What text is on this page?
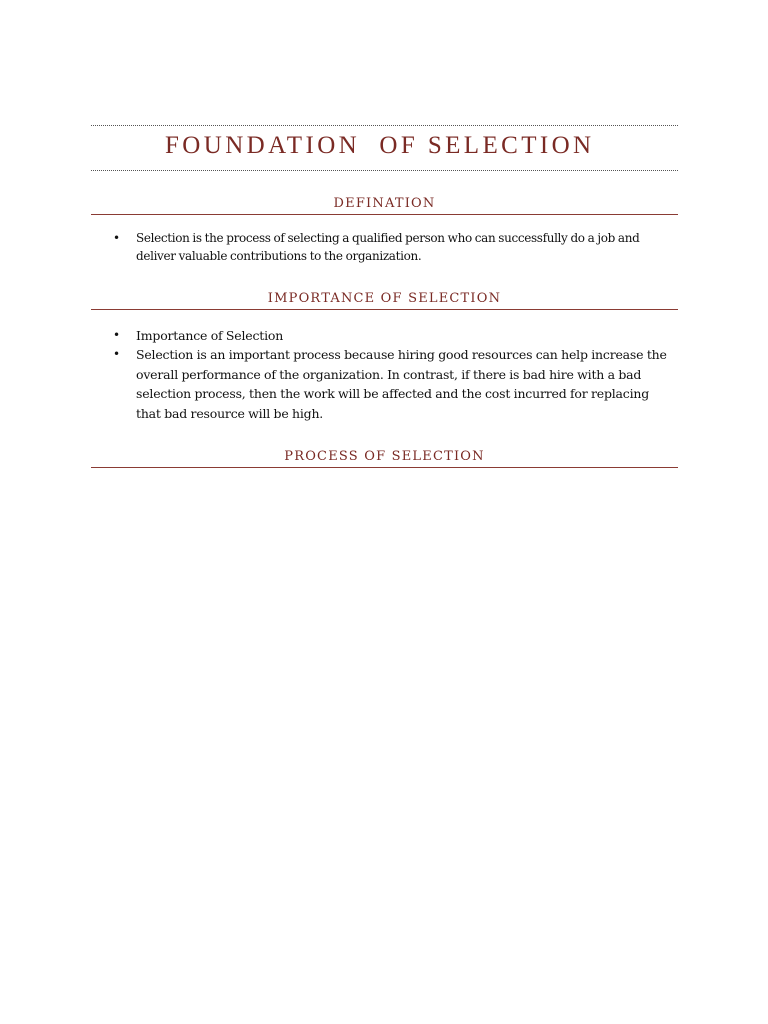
FOUNDATION  OF SELECTION
DEFINATION
• Selection is the process of selecting a qualified person who can successfully do a job and deliver valuable contributions to the organization.
IMPORTANCE OF SELECTION
• Importance of Selection
• Selection is an important process because hiring good resources can help increase the overall performance of the organization. In contrast, if there is bad hire with a bad selection process, then the work will be affected and the cost incurred for replacing that bad resource will be high.
PROCESS OF SELECTION
